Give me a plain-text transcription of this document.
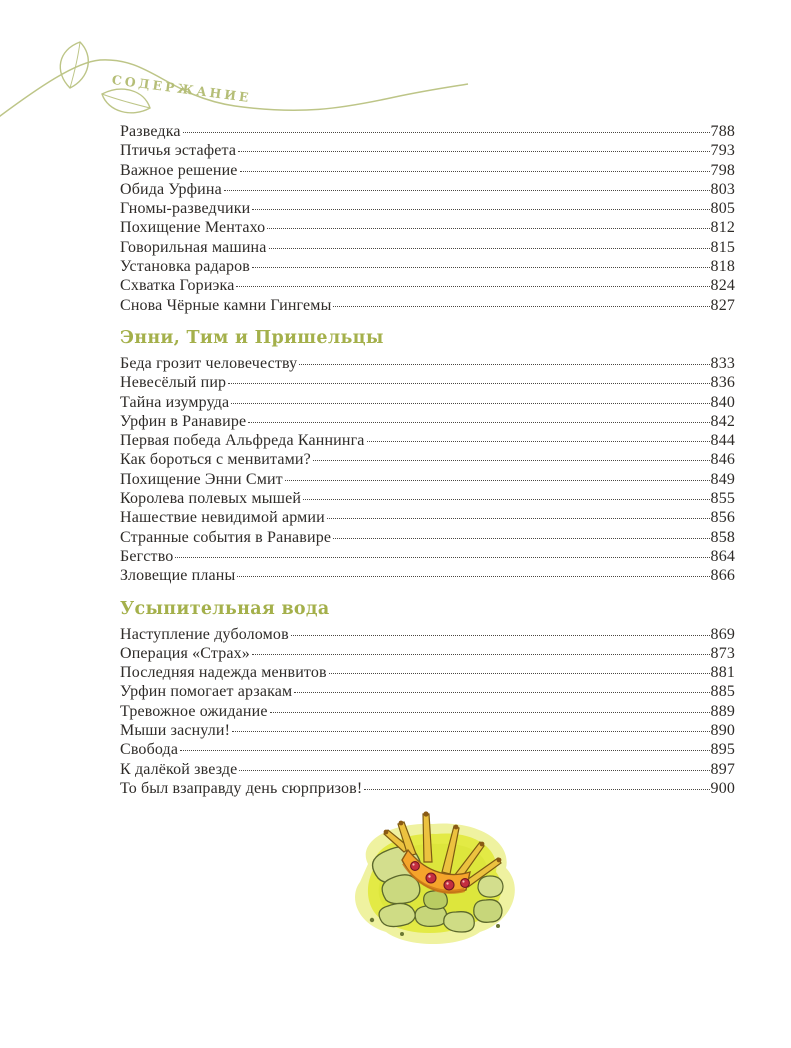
СОДЕРЖАНИЕ
Разведка	788
Птичья эстафета	793
Важное решение	798
Обида Урфина	803
Гномы-разведчики	805
Похищение Ментахо	812
Говорильная машина	815
Установка радаров	818
Схватка Гориэка	824
Снова Чёрные камни Гингемы	827
Энни, Тим и Пришельцы
Беда грозит человечеству	833
Невесёлый пир	836
Тайна изумруда	840
Урфин в Ранавире	842
Первая победа Альфреда Каннинга	844
Как бороться с менвитами?	846
Похищение Энни Смит	849
Королева полевых мышей	855
Нашествие невидимой армии	856
Странные события в Ранавире	858
Бегство	864
Зловещие планы	866
Усыпительная вода
Наступление дуболомов	869
Операция «Страх»	873
Последняя надежда менвитов	881
Урфин помогает арзакам	885
Тревожное ожидание	889
Мыши заснули!	890
Свобода	895
К далёкой звезде	897
То был взаправду день сюрпризов!	900
